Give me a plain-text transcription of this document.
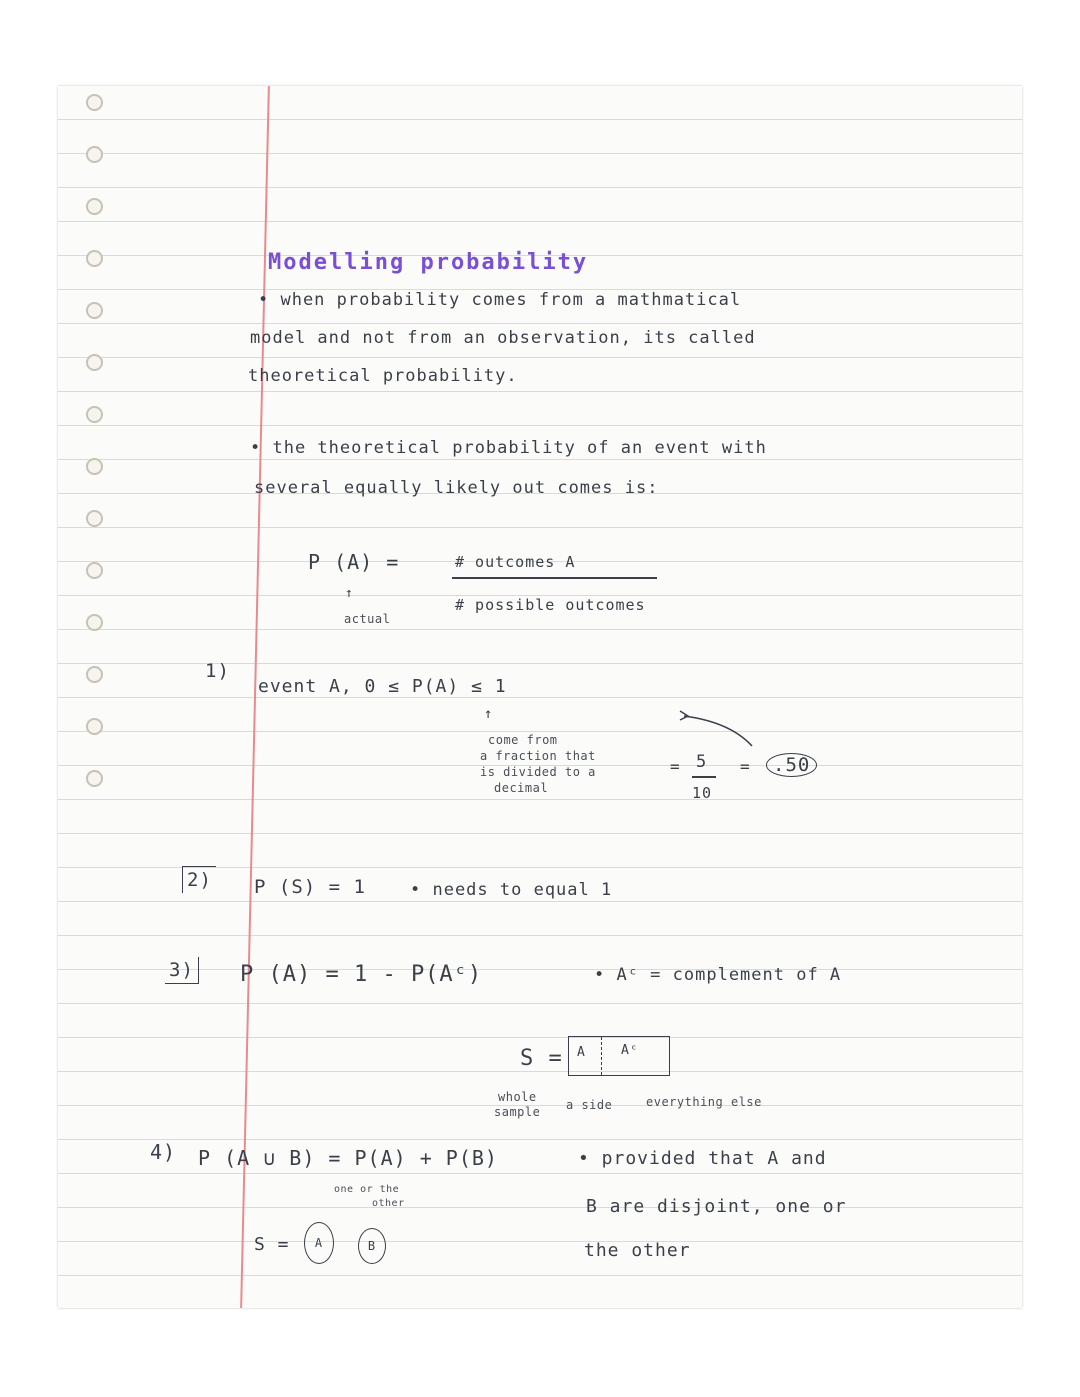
Modelling probability
• when probability comes from a mathmatical
model and not from an observation, its called
theoretical probability.
• the theoretical probability of an event with
several equally likely out comes is:
P (A) =	# outcomes A
# possible outcomes
↑
actual
1)
event A, 0 ≤ P(A) ≤ 1
↑
come from
a fraction that
is divided to a
decimal
= 5
10
=	.50
2) P (S) = 1	• needs to equal 1
3) P (A) = 1 - P(Aᶜ)	• Aᶜ = complement of A
S = A	Aᶜ
whole
sample a side	everything else
4) P (A ∪ B) = P(A) + P(B)	• provided that A and
B are disjoint, one or
the other
one or the
other
S =	A	B
